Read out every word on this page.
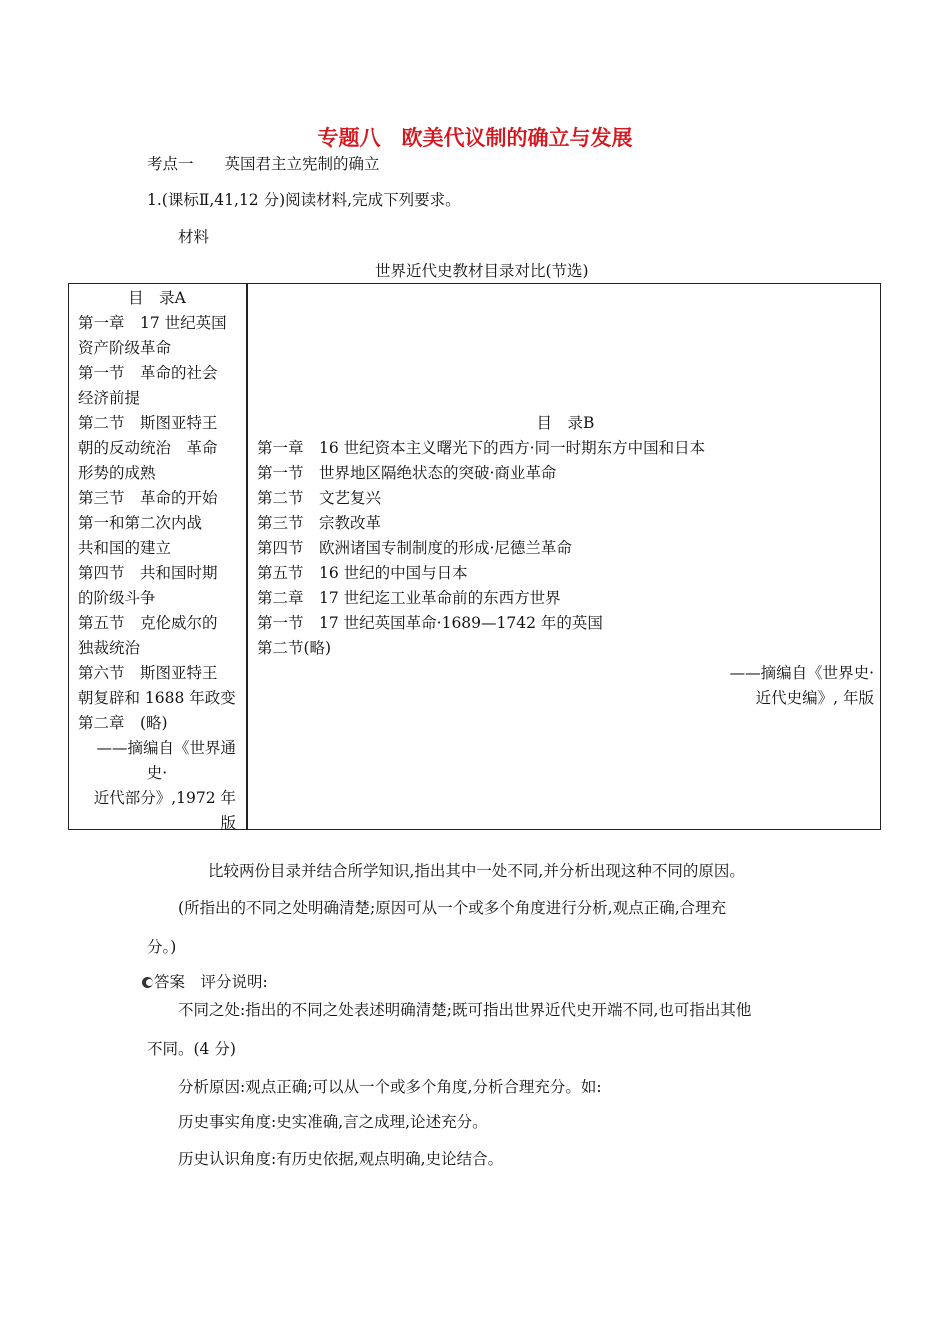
专题八　欧美代议制的确立与发展
考点一　　英国君主立宪制的确立
1.(课标Ⅱ,41,12 分)阅读材料,完成下列要求。
材料
世界近代史教材目录对比(节选)
目　录A
第一章　17 世纪英国
资产阶级革命
第一节　革命的社会
经济前提
第二节　斯图亚特王
朝的反动统治　革命
形势的成熟
第三节　革命的开始
第一和第二次内战
共和国的建立
第四节　共和国时期
的阶级斗争
第五节　克伦威尔的
独裁统治
第六节　斯图亚特王
朝复辟和 1688 年政变
第二章　(略)
——摘编自《世界通
史·
近代部分》,1972 年
版
目　录B
第一章　16 世纪资本主义曙光下的西方·同一时期东方中国和日本
第一节　世界地区隔绝状态的突破·商业革命
第二节　文艺复兴
第三节　宗教改革
第四节　欧洲诸国专制制度的形成·尼德兰革命
第五节　16 世纪的中国与日本
第二章　17 世纪迄工业革命前的东西方世界
第一节　17 世纪英国革命·1689—1742 年的英国
第二节(略)
——摘编自《世界史·
近代史编》, 年版
比较两份目录并结合所学知识,指出其中一处不同,并分析出现这种不同的原因。
(所指出的不同之处明确清楚;原因可从一个或多个角度进行分析,观点正确,合理充
分。)
答案　评分说明:
不同之处:指出的不同之处表述明确清楚;既可指出世界近代史开端不同,也可指出其他
不同。(4 分)
分析原因:观点正确;可以从一个或多个角度,分析合理充分。如:
历史事实角度:史实准确,言之成理,论述充分。
历史认识角度:有历史依据,观点明确,史论结合。
